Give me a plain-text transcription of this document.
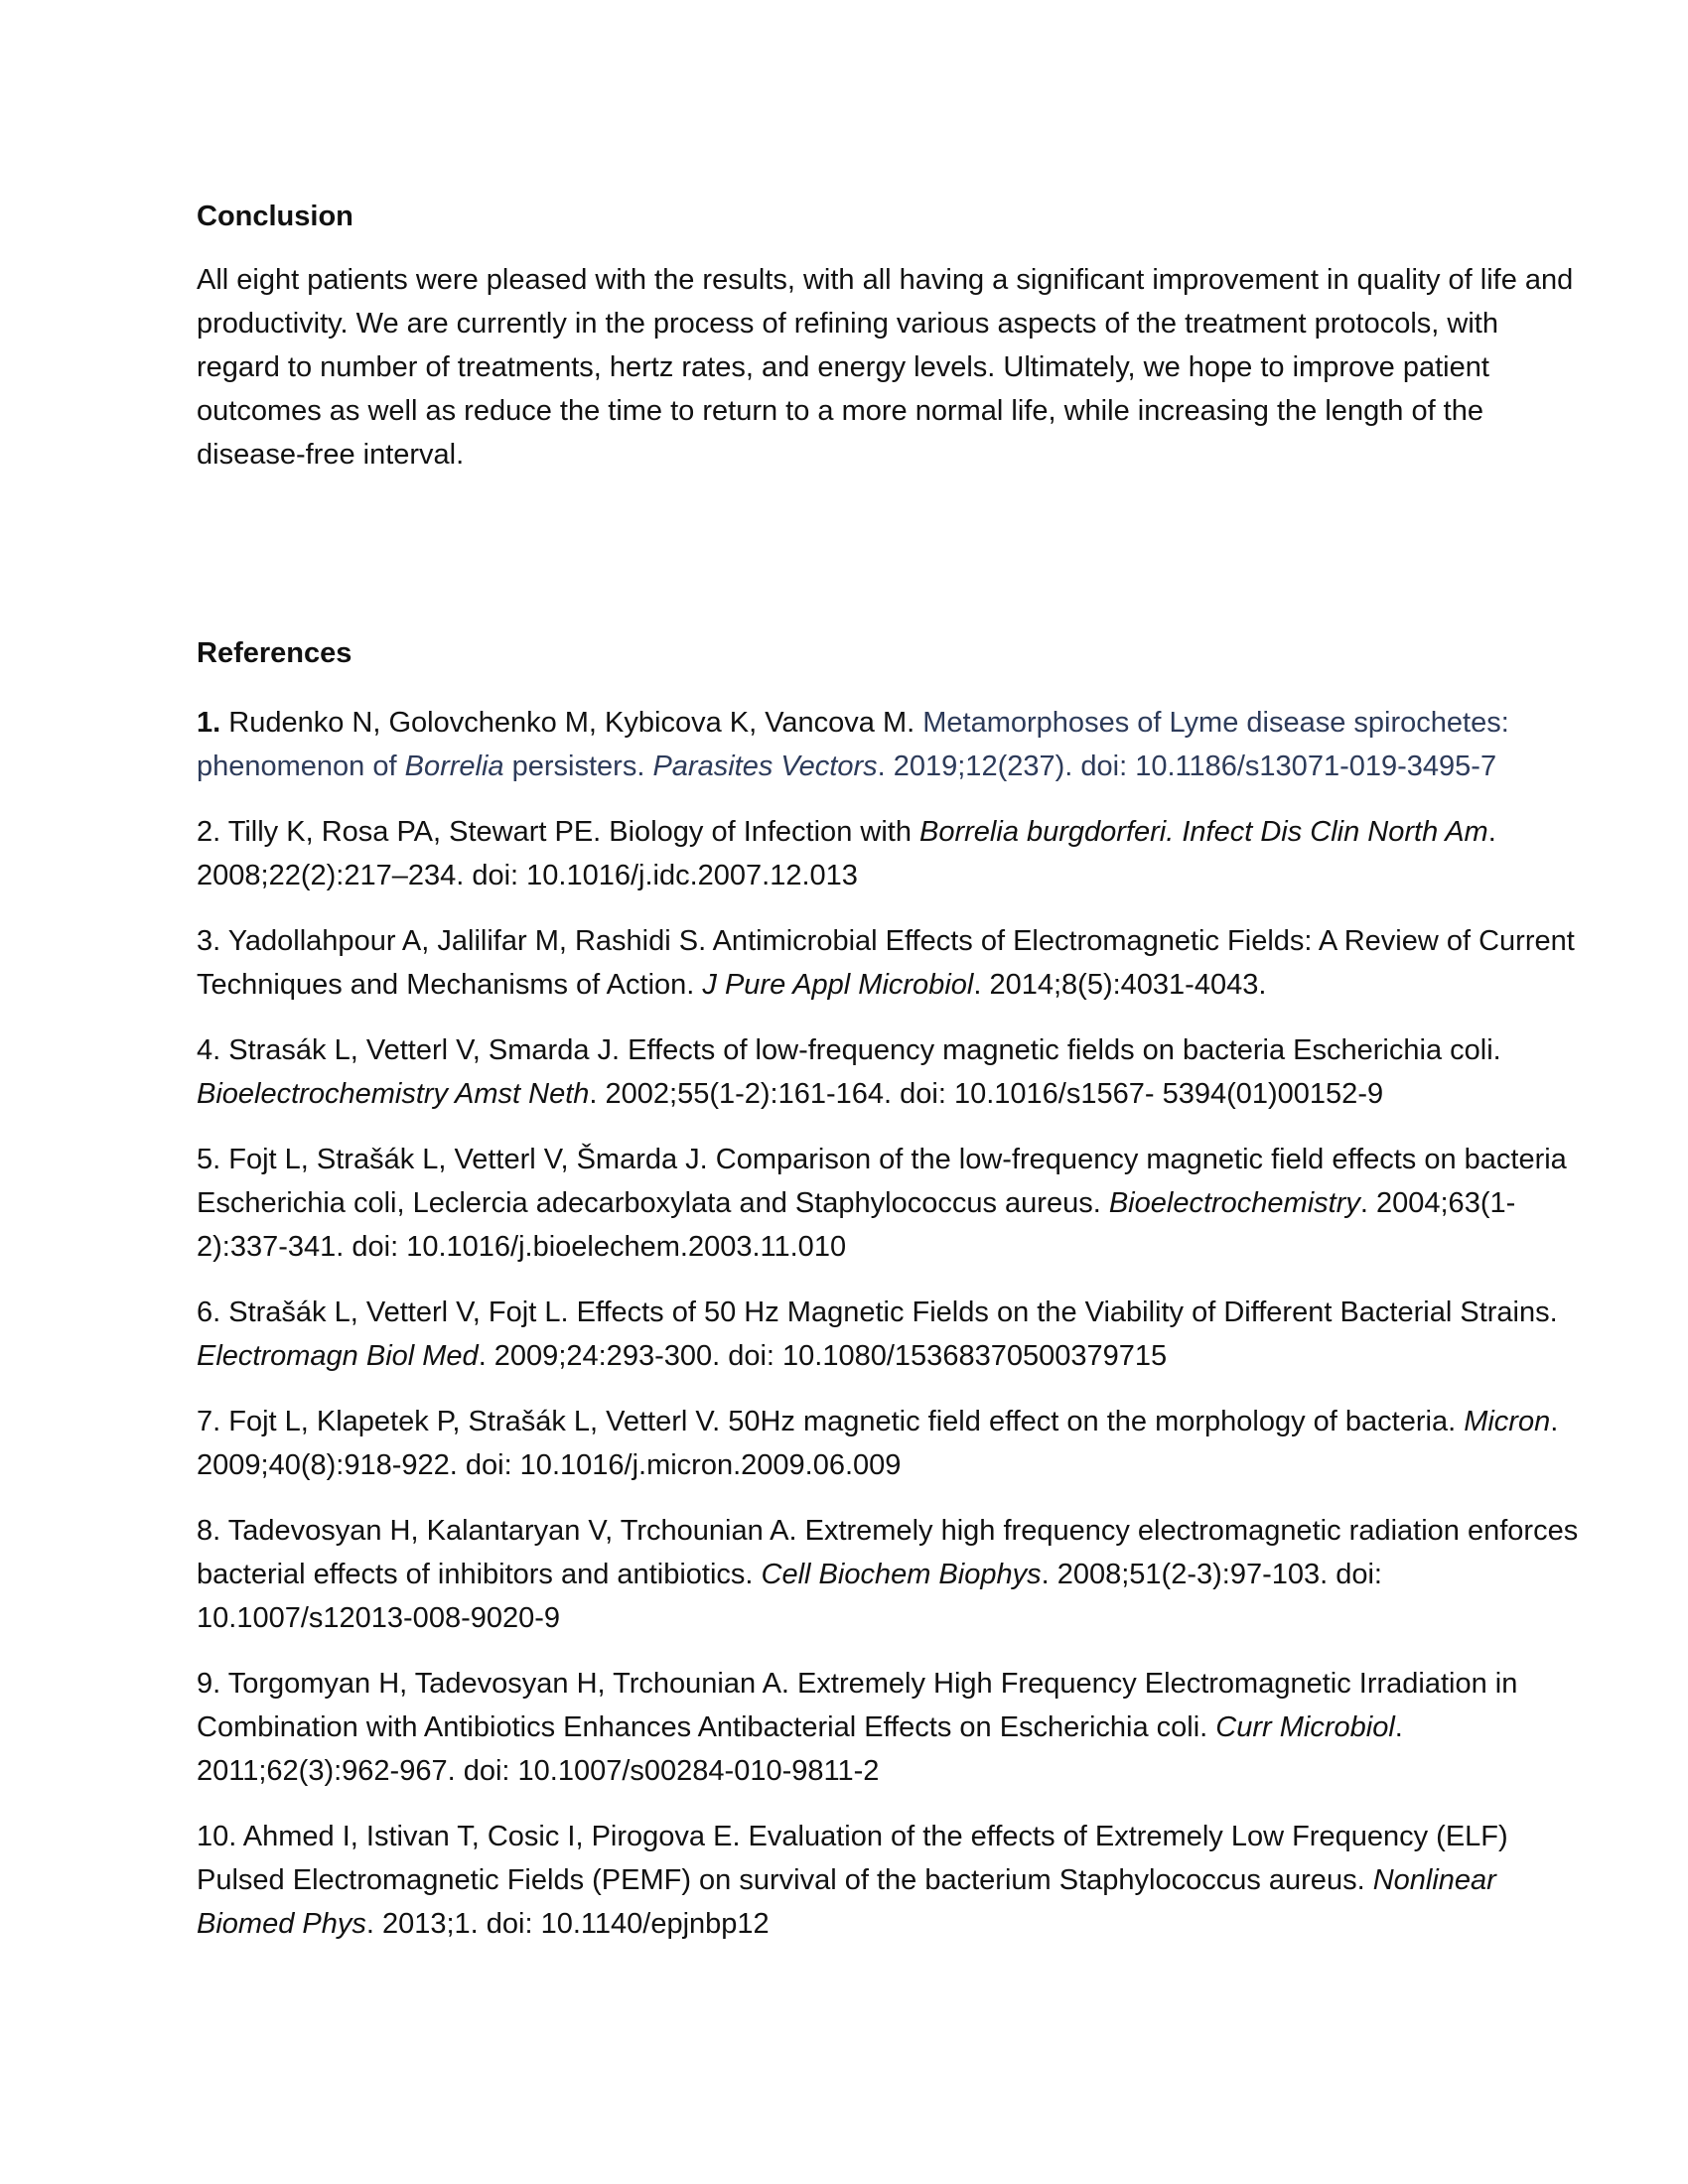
Conclusion

All eight patients were pleased with the results, with all having a significant improvement in quality of life and productivity. We are currently in the process of refining various aspects of the treatment protocols, with regard to number of treatments, hertz rates, and energy levels. Ultimately, we hope to improve patient outcomes as well as reduce the time to return to a more normal life, while increasing the length of the disease-free interval.

References
1. Rudenko N, Golovchenko M, Kybicova K, Vancova M. Metamorphoses of Lyme disease spirochetes: phenomenon of Borrelia persisters. Parasites Vectors. 2019;12(237). doi: 10.1186/s13071-019-3495-7
2. Tilly K, Rosa PA, Stewart PE. Biology of Infection with Borrelia burgdorferi. Infect Dis Clin North Am. 2008;22(2):217–234. doi: 10.1016/j.idc.2007.12.013
3. Yadollahpour A, Jalilifar M, Rashidi S. Antimicrobial Effects of Electromagnetic Fields: A Review of Current Techniques and Mechanisms of Action. J Pure Appl Microbiol. 2014;8(5):4031-4043.
4. Strasák L, Vetterl V, Smarda J. Effects of low-frequency magnetic fields on bacteria Escherichia coli. Bioelectrochemistry Amst Neth. 2002;55(1-2):161-164. doi: 10.1016/s1567- 5394(01)00152-9
5. Fojt L, Strašák L, Vetterl V, Šmarda J. Comparison of the low-frequency magnetic field effects on bacteria Escherichia coli, Leclercia adecarboxylata and Staphylococcus aureus. Bioelectrochemistry. 2004;63(1-2):337-341. doi: 10.1016/j.bioelechem.2003.11.010
6. Strašák L, Vetterl V, Fojt L. Effects of 50 Hz Magnetic Fields on the Viability of Different Bacterial Strains. Electromagn Biol Med. 2009;24:293-300. doi: 10.1080/15368370500379715
7. Fojt L, Klapetek P, Strašák L, Vetterl V. 50Hz magnetic field effect on the morphology of bacteria. Micron. 2009;40(8):918-922. doi: 10.1016/j.micron.2009.06.009
8. Tadevosyan H, Kalantaryan V, Trchounian A. Extremely high frequency electromagnetic radiation enforces bacterial effects of inhibitors and antibiotics. Cell Biochem Biophys. 2008;51(2-3):97-103. doi: 10.1007/s12013-008-9020-9
9. Torgomyan H, Tadevosyan H, Trchounian A. Extremely High Frequency Electromagnetic Irradiation in Combination with Antibiotics Enhances Antibacterial Effects on Escherichia coli. Curr Microbiol. 2011;62(3):962-967. doi: 10.1007/s00284-010-9811-2
10. Ahmed I, Istivan T, Cosic I, Pirogova E. Evaluation of the effects of Extremely Low Frequency (ELF) Pulsed Electromagnetic Fields (PEMF) on survival of the bacterium Staphylococcus aureus. Nonlinear Biomed Phys. 2013;1. doi: 10.1140/epjnbp12
